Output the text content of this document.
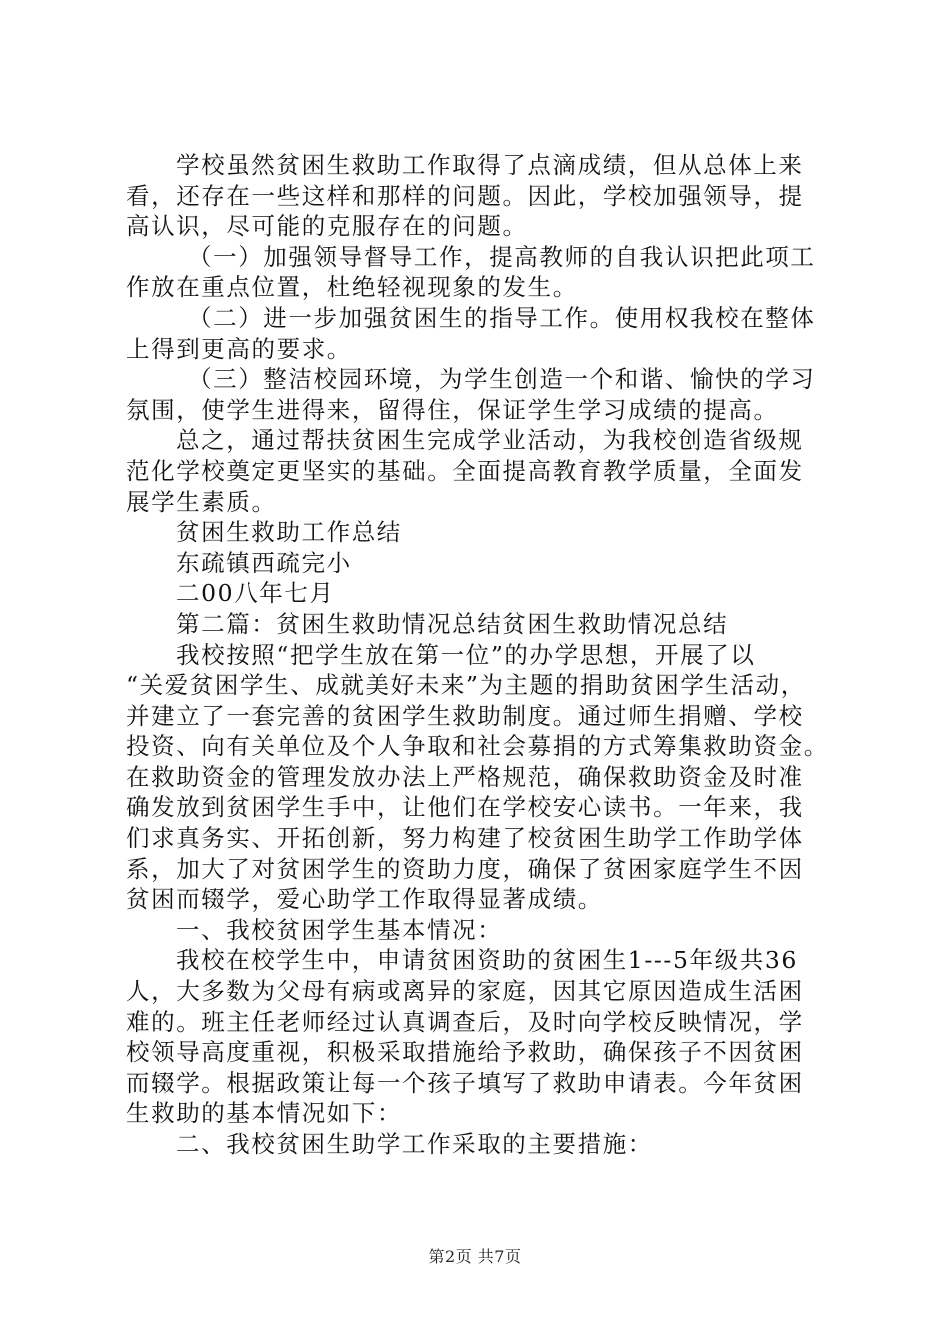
学校虽然贫困生救助工作取得了点滴成绩，但从总体上来
看，还存在一些这样和那样的问题。因此，学校加强领导，提
高认识，尽可能的克服存在的问题。
（一）加强领导督导工作，提高教师的自我认识把此项工
作放在重点位置，杜绝轻视现象的发生。
（二）进一步加强贫困生的指导工作。使用权我校在整体
上得到更高的要求。
（三）整洁校园环境，为学生创造一个和谐、愉快的学习
氛围，使学生进得来，留得住，保证学生学习成绩的提高。
总之，通过帮扶贫困生完成学业活动，为我校创造省级规
范化学校奠定更坚实的基础。全面提高教育教学质量，全面发
展学生素质。
贫困生救助工作总结
东疏镇西疏完小
二00八年七月
第二篇：贫困生救助情况总结贫困生救助情况总结
我校按照“把学生放在第一位”的办学思想，开展了以
“关爱贫困学生、成就美好未来”为主题的捐助贫困学生活动，
并建立了一套完善的贫困学生救助制度。通过师生捐赠、学校
投资、向有关单位及个人争取和社会募捐的方式筹集救助资金。
在救助资金的管理发放办法上严格规范，确保救助资金及时准
确发放到贫困学生手中，让他们在学校安心读书。一年来，我
们求真务实、开拓创新，努力构建了校贫困生助学工作助学体
系，加大了对贫困学生的资助力度，确保了贫困家庭学生不因
贫困而辍学，爱心助学工作取得显著成绩。
一、我校贫困学生基本情况：
我校在校学生中，申请贫困资助的贫困生1---5年级共36
人，大多数为父母有病或离异的家庭，因其它原因造成生活困
难的。班主任老师经过认真调查后，及时向学校反映情况，学
校领导高度重视，积极采取措施给予救助，确保孩子不因贫困
而辍学。根据政策让每一个孩子填写了救助申请表。今年贫困
生救助的基本情况如下：
二、我校贫困生助学工作采取的主要措施：
第2页 共7页
